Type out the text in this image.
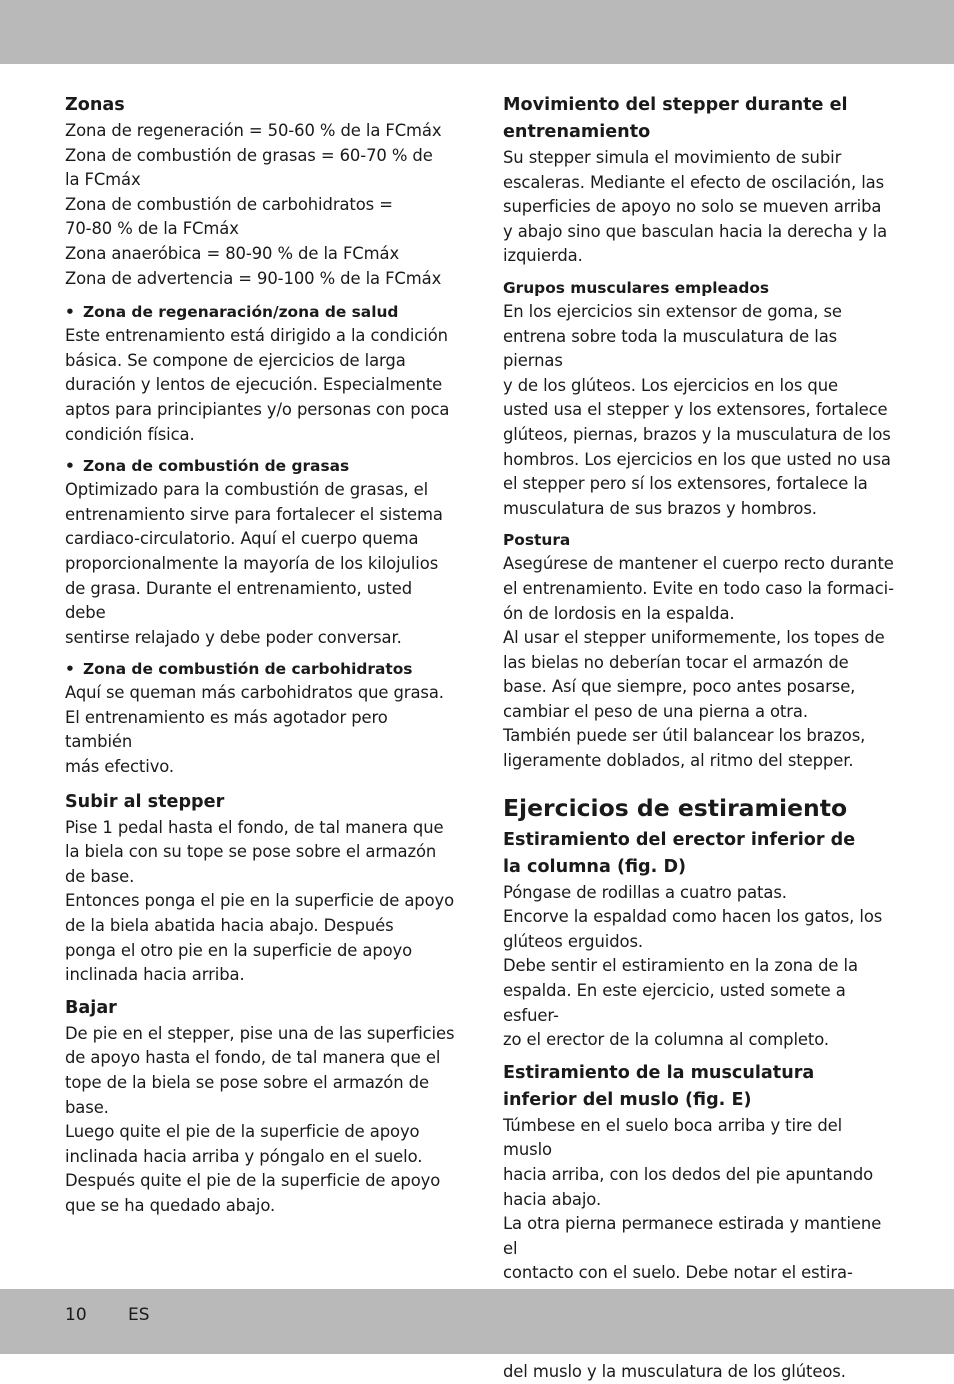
Zonas

Zona de regeneración = 50-60 % de la FCmáx

Zona de combustión de grasas = 60-70 % de

la FCmáx

Zona de combustión de carbohidratos =

70-80 % de la FCmáx

Zona anaeróbica = 80-90 % de la FCmáx

Zona de advertencia = 90-100 % de la FCmáx

• Zona de regenaración/zona de salud

Este entrenamiento está dirigido a la condición

básica. Se compone de ejercicios de larga

duración y lentos de ejecución. Especialmente

aptos para principiantes y/o personas con poca

condición física.

• Zona de combustión de grasas

Optimizado para la combustión de grasas, el

entrenamiento sirve para fortalecer el sistema

cardiaco-circulatorio. Aquí el cuerpo quema

proporcionalmente la mayoría de los kilojulios

de grasa. Durante el entrenamiento, usted debe

sentirse relajado y debe poder conversar.

• Zona de combustión de carbohidratos

Aquí se queman más carbohidratos que grasa.

El entrenamiento es más agotador pero también

más efectivo.

Subir al stepper

Pise 1 pedal hasta el fondo, de tal manera que

la biela con su tope se pose sobre el armazón

de base.

Entonces ponga el pie en la superficie de apoyo

de la biela abatida hacia abajo. Después

ponga el otro pie en la superficie de apoyo

inclinada hacia arriba.

Bajar

De pie en el stepper, pise una de las superficies

de apoyo hasta el fondo, de tal manera que el

tope de la biela se pose sobre el armazón de

base.

Luego quite el pie de la superficie de apoyo

inclinada hacia arriba y póngalo en el suelo.

Después quite el pie de la superficie de apoyo

que se ha quedado abajo.

Movimiento del stepper durante el
entrenamiento

Su stepper simula el movimiento de subir

escaleras. Mediante el efecto de oscilación, las

superficies de apoyo no solo se mueven arriba

y abajo sino que basculan hacia la derecha y la

izquierda.

Grupos musculares empleados

En los ejercicios sin extensor de goma, se

entrena sobre toda la musculatura de las piernas

y de los glúteos. Los ejercicios en los que

usted usa el stepper y los extensores, fortalece

glúteos, piernas, brazos y la musculatura de los

hombros. Los ejercicios en los que usted no usa

el stepper pero sí los extensores, fortalece la

musculatura de sus brazos y hombros.

Postura

Asegúrese de mantener el cuerpo recto durante

el entrenamiento. Evite en todo caso la formaci-

ón de lordosis en la espalda.

Al usar el stepper uniformemente, los topes de

las bielas no deberían tocar el armazón de

base. Así que siempre, poco antes posarse,

cambiar el peso de una pierna a otra.

También puede ser útil balancear los brazos,

ligeramente doblados, al ritmo del stepper.

Ejercicios de estiramiento
Estiramiento del erector inferior de
la columna (fig. D)

Póngase de rodillas a cuatro patas.

Encorve la espaldad como hacen los gatos, los

glúteos erguidos.

Debe sentir el estiramiento en la zona de la

espalda. En este ejercicio, usted somete a esfuer-

zo el erector de la columna al completo.

Estiramiento de la musculatura
inferior del muslo (fig. E)

Túmbese en el suelo boca arriba y tire del muslo

hacia arriba, con los dedos del pie apuntando

hacia abajo.

La otra pierna permanece estirada y mantiene el

contacto con el suelo. Debe notar el estira-

del muslo y la musculatura de los glúteos.

10 ES
